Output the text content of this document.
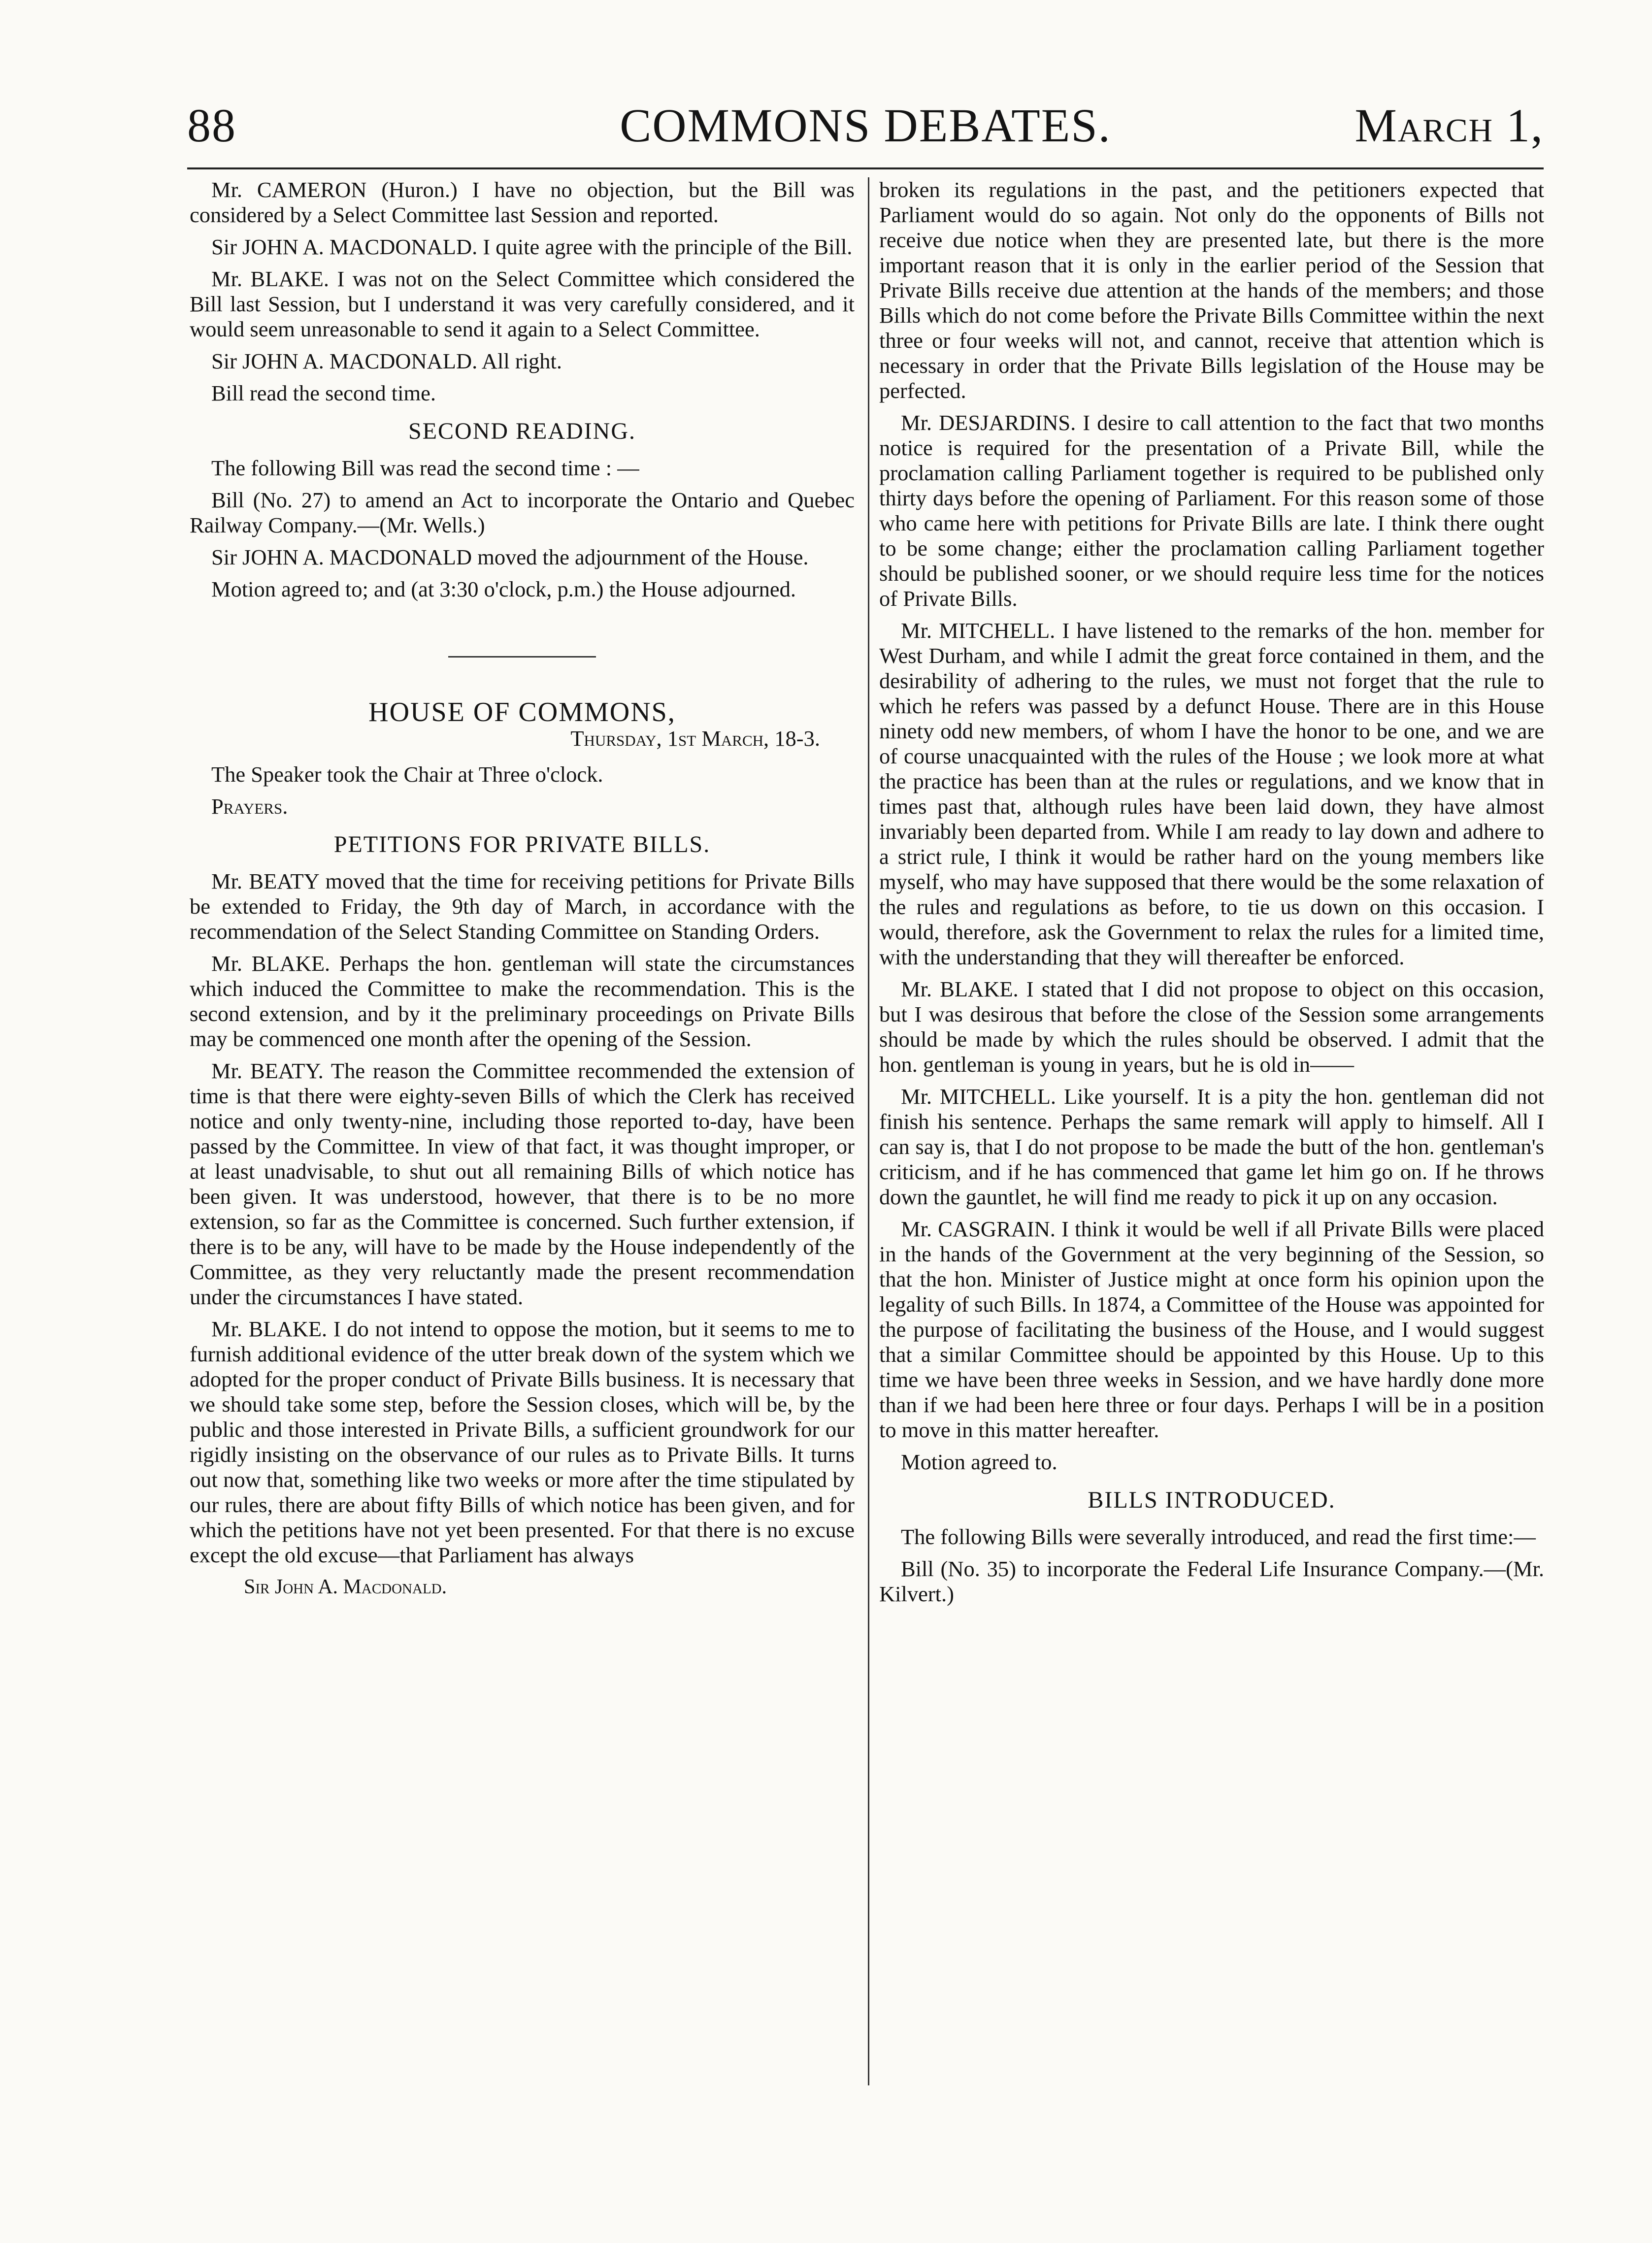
88	COMMONS DEBATES.	March 1,

Mr. CAMERON (Huron.) I have no objection, but the Bill was considered by a Select Committee last Session and reported.

Sir JOHN A. MACDONALD. I quite agree with the principle of the Bill.

Mr. BLAKE. I was not on the Select Committee which considered the Bill last Session, but I understand it was very carefully considered, and it would seem unreasonable to send it again to a Select Committee.

Sir JOHN A. MACDONALD. All right.

Bill read the second time.

SECOND READING.

The following Bill was read the second time : —

Bill (No. 27) to amend an Act to incorporate the Ontario and Quebec Railway Company.—(Mr. Wells.)

Sir JOHN A. MACDONALD moved the adjournment of the House.

Motion agreed to; and (at 3:30 o'clock, p.m.) the House adjourned.

HOUSE OF COMMONS,
Thursday, 1st March, 18-3.

The Speaker took the Chair at Three o'clock.

Prayers.

PETITIONS FOR PRIVATE BILLS.

Mr. BEATY moved that the time for receiving petitions for Private Bills be extended to Friday, the 9th day of March, in accordance with the recommendation of the Select Standing Committee on Standing Orders.

Mr. BLAKE. Perhaps the hon. gentleman will state the circumstances which induced the Committee to make the recommendation. This is the second extension, and by it the preliminary proceedings on Private Bills may be commenced one month after the opening of the Session.

Mr. BEATY. The reason the Committee recommended the extension of time is that there were eighty-seven Bills of which the Clerk has received notice and only twenty-nine, including those reported to-day, have been passed by the Committee. In view of that fact, it was thought improper, or at least unadvisable, to shut out all remaining Bills of which notice has been given. It was understood, however, that there is to be no more extension, so far as the Committee is concerned. Such further extension, if there is to be any, will have to be made by the House independently of the Committee, as they very reluctantly made the present recommendation under the circumstances I have stated.

Mr. BLAKE. I do not intend to oppose the motion, but it seems to me to furnish additional evidence of the utter break down of the system which we adopted for the proper conduct of Private Bills business. It is necessary that we should take some step, before the Session closes, which will be, by the public and those interested in Private Bills, a sufficient groundwork for our rigidly insisting on the observance of our rules as to Private Bills. It turns out now that, something like two weeks or more after the time stipulated by our rules, there are about fifty Bills of which notice has been given, and for which the petitions have not yet been presented. For that there is no excuse except the old excuse—that Parliament has always

Sir John A. Macdonald.

broken its regulations in the past, and the petitioners expected that Parliament would do so again. Not only do the opponents of Bills not receive due notice when they are presented late, but there is the more important reason that it is only in the earlier period of the Session that Private Bills receive due attention at the hands of the members; and those Bills which do not come before the Private Bills Committee within the next three or four weeks will not, and cannot, receive that attention which is necessary in order that the Private Bills legislation of the House may be perfected.

Mr. DESJARDINS. I desire to call attention to the fact that two months notice is required for the presentation of a Private Bill, while the proclamation calling Parliament together is required to be published only thirty days before the opening of Parliament. For this reason some of those who came here with petitions for Private Bills are late. I think there ought to be some change; either the proclamation calling Parliament together should be published sooner, or we should require less time for the notices of Private Bills.

Mr. MITCHELL. I have listened to the remarks of the hon. member for West Durham, and while I admit the great force contained in them, and the desirability of adhering to the rules, we must not forget that the rule to which he refers was passed by a defunct House. There are in this House ninety odd new members, of whom I have the honor to be one, and we are of course unacquainted with the rules of the House ; we look more at what the practice has been than at the rules or regulations, and we know that in times past that, although rules have been laid down, they have almost invariably been departed from. While I am ready to lay down and adhere to a strict rule, I think it would be rather hard on the young members like myself, who may have supposed that there would be the some relaxation of the rules and regulations as before, to tie us down on this occasion. I would, therefore, ask the Government to relax the rules for a limited time, with the understanding that they will thereafter be enforced.

Mr. BLAKE. I stated that I did not propose to object on this occasion, but I was desirous that before the close of the Session some arrangements should be made by which the rules should be observed. I admit that the hon. gentleman is young in years, but he is old in——

Mr. MITCHELL. Like yourself. It is a pity the hon. gentleman did not finish his sentence. Perhaps the same remark will apply to himself. All I can say is, that I do not propose to be made the butt of the hon. gentleman's criticism, and if he has commenced that game let him go on. If he throws down the gauntlet, he will find me ready to pick it up on any occasion.

Mr. CASGRAIN. I think it would be well if all Private Bills were placed in the hands of the Government at the very beginning of the Session, so that the hon. Minister of Justice might at once form his opinion upon the legality of such Bills. In 1874, a Committee of the House was appointed for the purpose of facilitating the business of the House, and I would suggest that a similar Committee should be appointed by this House. Up to this time we have been three weeks in Session, and we have hardly done more than if we had been here three or four days. Perhaps I will be in a position to move in this matter hereafter.

Motion agreed to.

BILLS INTRODUCED.

The following Bills were severally introduced, and read the first time:—

Bill (No. 35) to incorporate the Federal Life Insurance Company.—(Mr. Kilvert.)
